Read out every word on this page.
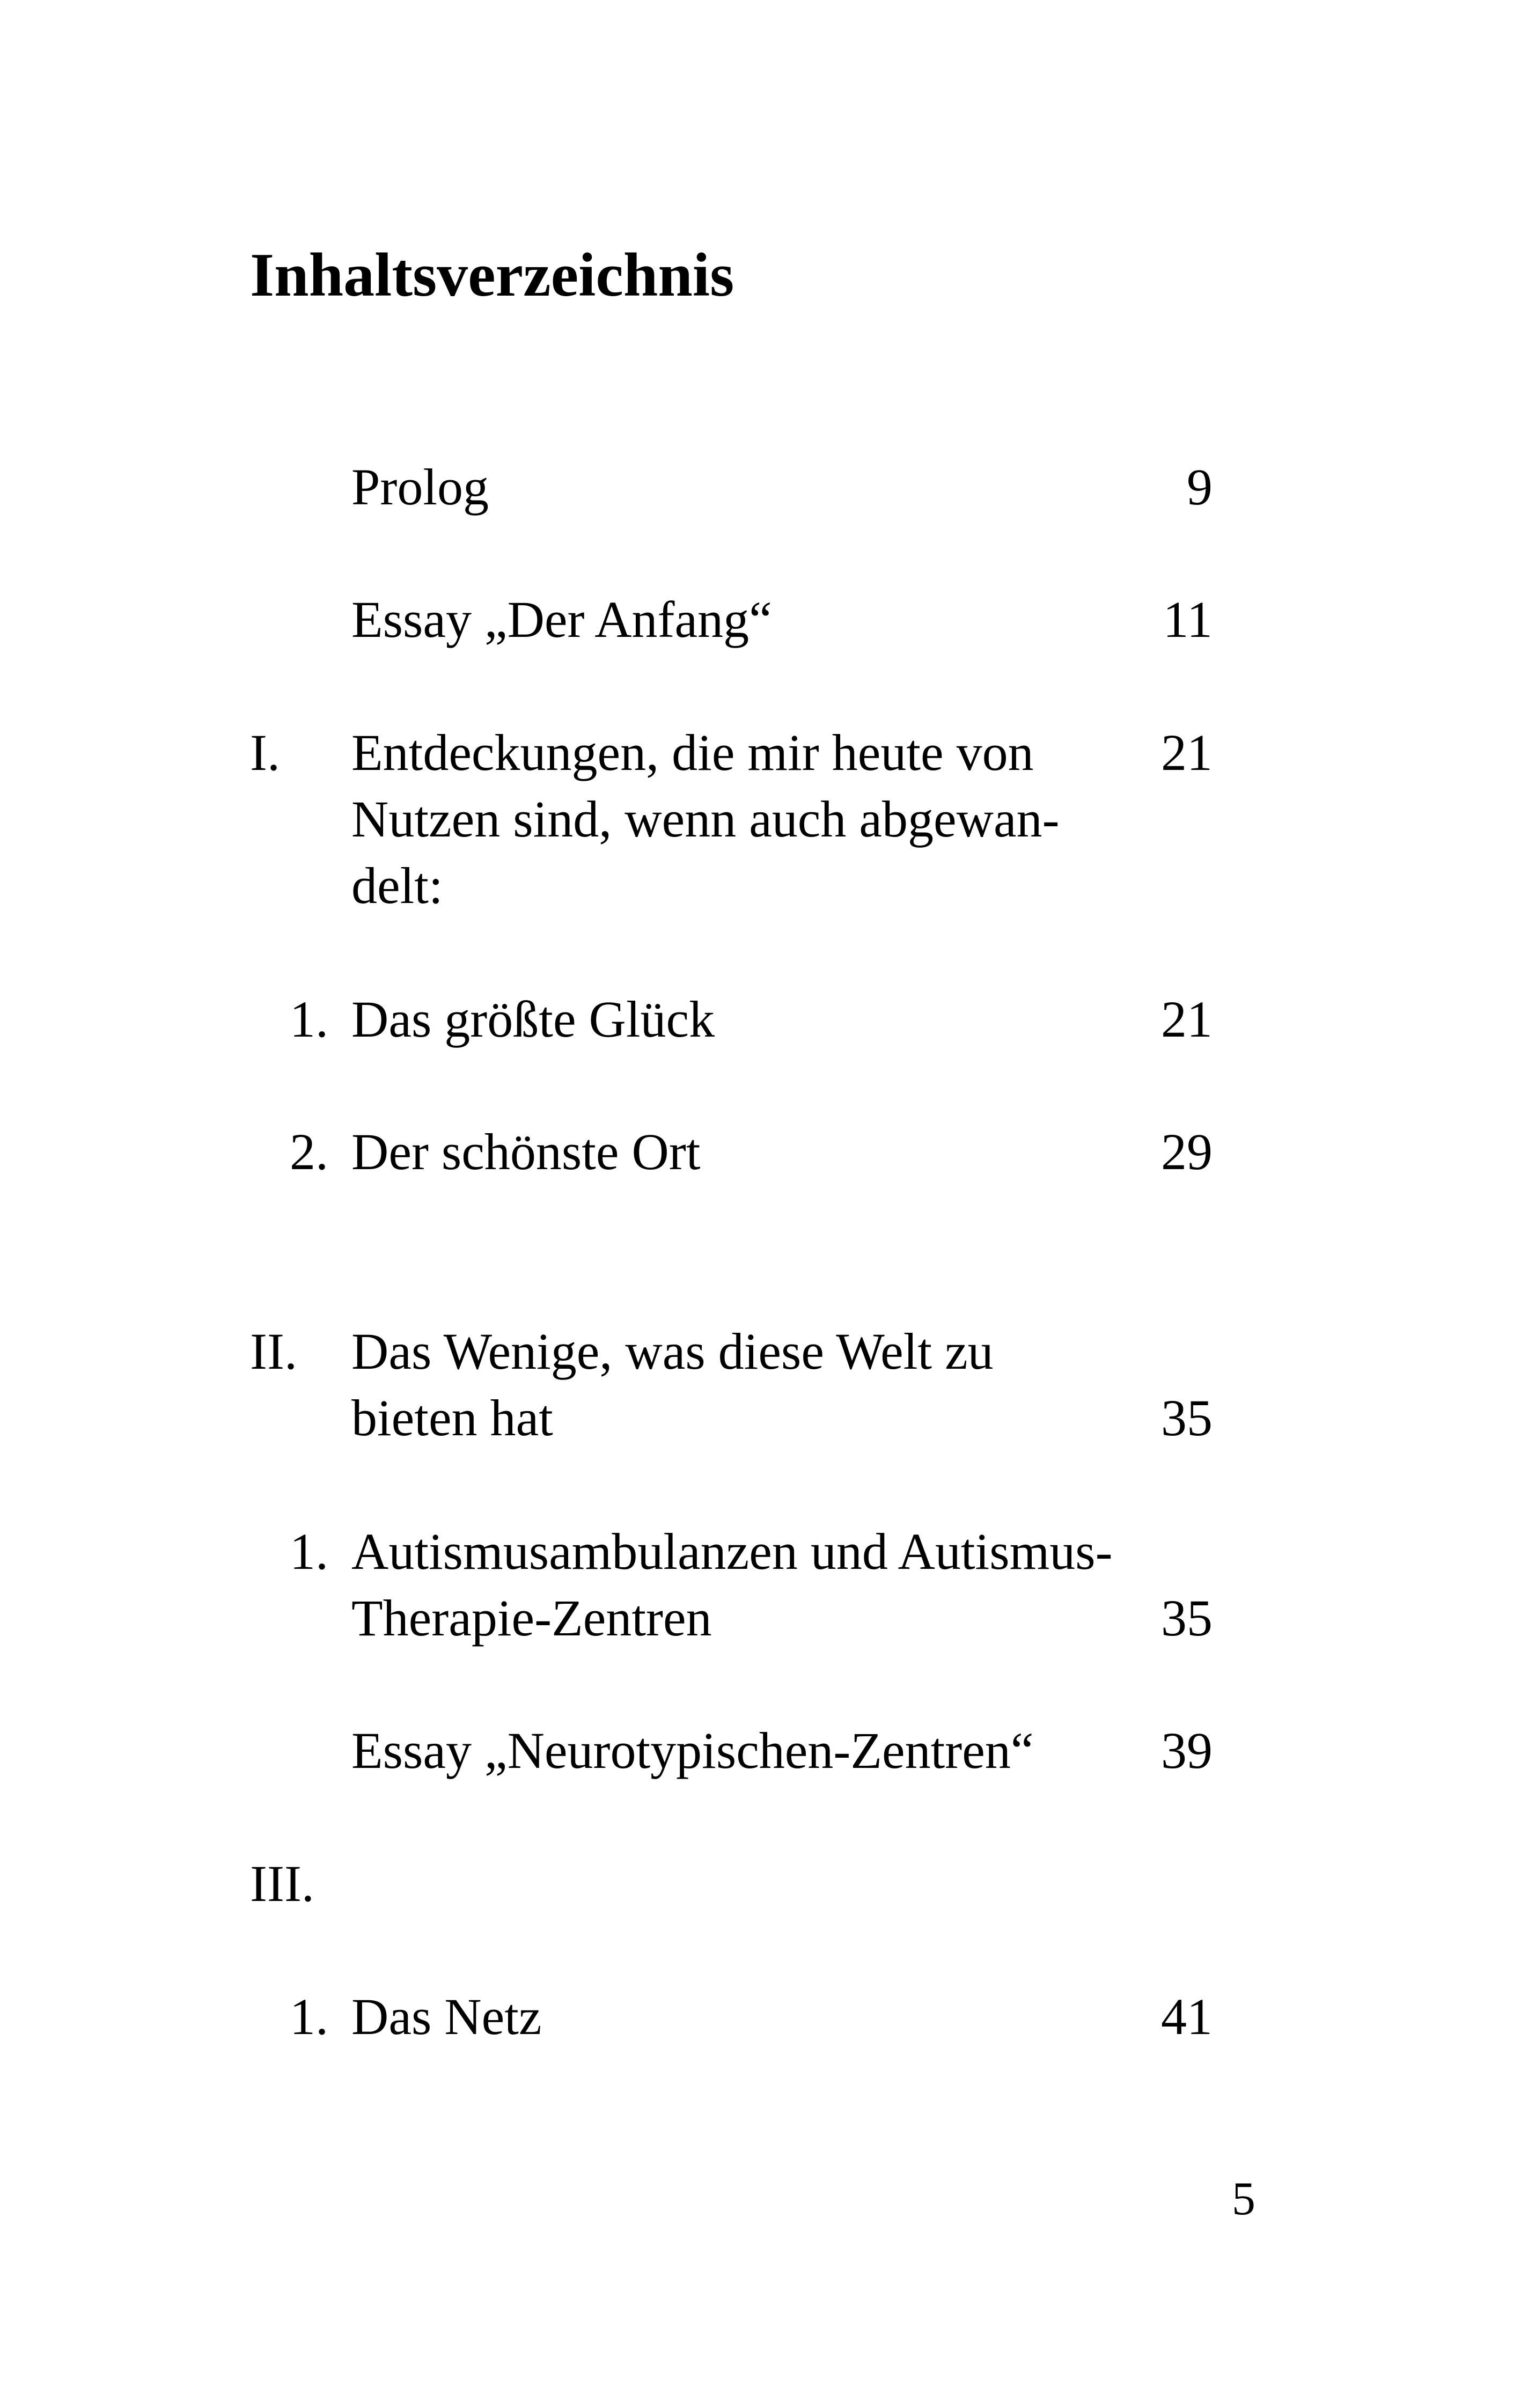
Inhaltsverzeichnis
Prolog	9
Essay „Der Anfang“	11
I. Entdeckungen, die mir heute von 21
Nutzen sind, wenn auch abgewan-
delt:
1. Das größte Glück	21
2. Der schönste Ort	29
II. Das Wenige, was diese Welt zu
bieten hat	35
1. Autismusambulanzen und Autismus-
Therapie-Zentren	35
Essay „Neurotypischen-Zentren“ 39
III.
1. Das Netz	41
5
